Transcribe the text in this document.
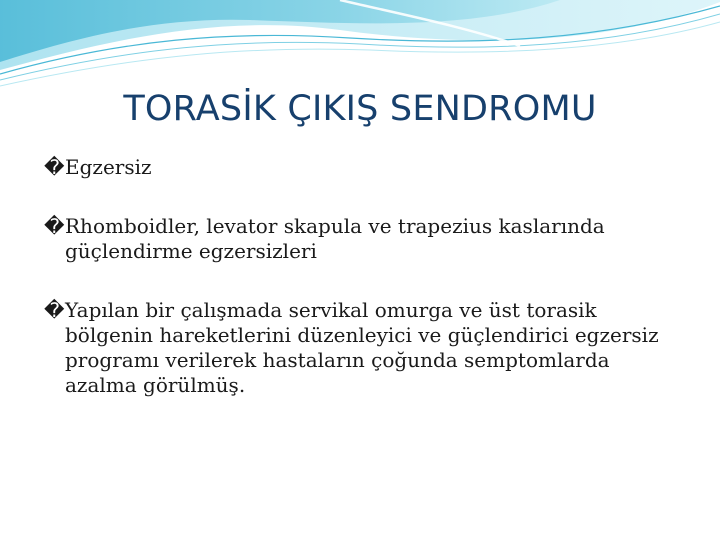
TORASİK ÇIKIŞ SENDROMU

� Egzersiz

� Rhomboidler, levator skapula ve trapezius kaslarında güçlendirme egzersizleri

� Yapılan bir çalışmada servikal omurga ve üst torasik bölgenin hareketlerini düzenleyici ve güçlendirici egzersiz programı verilerek hastaların çoğunda semptomlarda azalma görülmüş.
